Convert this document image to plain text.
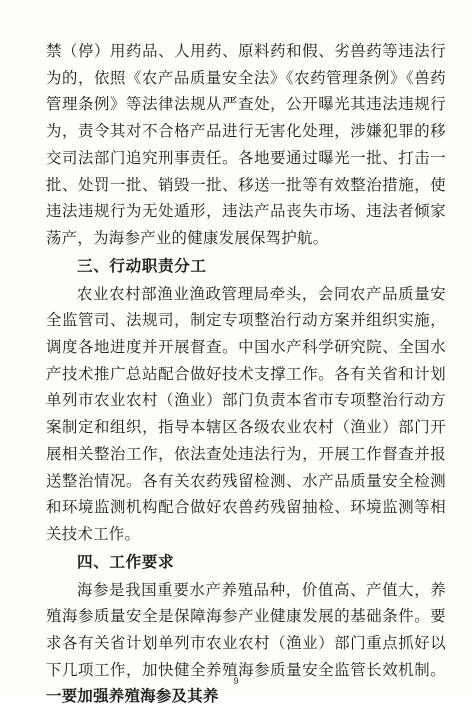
禁（停）用药品、人用药、原料药和假、劣兽药等违法行为的，依照《农产品质量安全法》《农药管理条例》《兽药管理条例》等法律法规从严查处，公开曝光其违法违规行为，责令其对不合格产品进行无害化处理，涉嫌犯罪的移交司法部门追究刑事责任。各地要通过曝光一批、打击一批、处罚一批、销毁一批、移送一批等有效整治措施，使违法违规行为无处遁形，违法产品丧失市场、违法者倾家荡产，为海参产业的健康发展保驾护航。

三、行动职责分工

农业农村部渔业渔政管理局牵头，会同农产品质量安全监管司、法规司，制定专项整治行动方案并组织实施，调度各地进度并开展督查。中国水产科学研究院、全国水产技术推广总站配合做好技术支撑工作。各有关省和计划单列市农业农村（渔业）部门负责本省市专项整治行动方案制定和组织，指导本辖区各级农业农村（渔业）部门开展相关整治工作，依法查处违法行为，开展工作督查并报送整治情况。各有关农药残留检测、水产品质量安全检测和环境监测机构配合做好农兽药残留抽检、环境监测等相关技术工作。

四、工作要求

海参是我国重要水产养殖品种，价值高、产值大，养殖海参质量安全是保障海参产业健康发展的基础条件。要求各有关省计划单列市农业农村（渔业）部门重点抓好以下几项工作，加快健全养殖海参质量安全监管长效机制。一要加强养殖海参及其养

9
